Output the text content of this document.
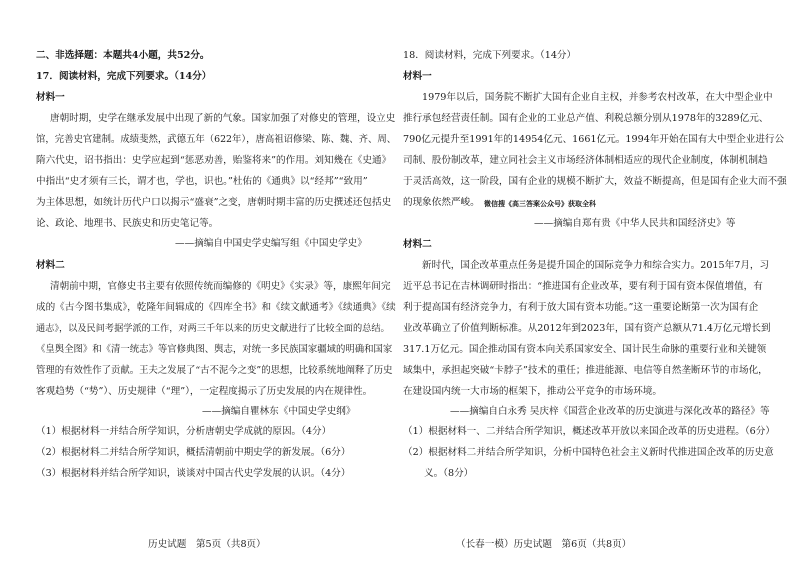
二、非选择题：本题共4小题，共52分。
17．阅读材料，完成下列要求。（14分）
材料一
唐朝时期，史学在继承发展中出现了新的气象。国家加强了对修史的管理，设立史
馆，完善史官建制。成绩斐然，武德五年（622年），唐高祖诏修梁、陈、魏、齐、周、
隋六代史，诏书指出：史学应起到“惩恶劝善，贻鉴将来”的作用。刘知幾在《史通》
中指出“史才须有三长，谓才也，学也，识也。”杜佑的《通典》以“经邦”“致用”
为主体思想，如统计历代户口以揭示“盛衰”之变，唐朝时期丰富的历史撰述还包括史
论、政论、地理书、民族史和历史笔记等。
——摘编自中国史学史编写组《中国史学史》
材料二
清朝前中期，官修史书主要有依照传统而编修的《明史》《实录》等，康熙年间完
成的《古今图书集成》，乾隆年间辑成的《四库全书》和《续文献通考》《续通典》《续
通志》，以及民间考据学派的工作，对两三千年以来的历史文献进行了比较全面的总结。
《皇舆全图》和《清一统志》等官修典图、舆志，对统一多民族国家疆域的明确和国家
管理的有效性作了贡献。王夫之发展了“古不泥今之变”的思想，比较系统地阐释了历史
客观趋势（“势”）、历史规律（“理”），一定程度揭示了历史发展的内在规律性。
——摘编自瞿林东《中国史学史纲》
（1）根据材料一并结合所学知识，分析唐朝史学成就的原因。（4分）
（2）根据材料二并结合所学知识，概括清朝前中期史学的新发展。（6分）
（3）根据材料并结合所学知识，谈谈对中国古代史学发展的认识。（4分）
历史试题　第5页（共8页）
18．阅读材料，完成下列要求。（14分）
材料一
1979年以后，国务院不断扩大国有企业自主权，并参考农村改革，在大中型企业中
推行承包经营责任制。国有企业的工业总产值、利税总额分别从1978年的3289亿元、
790亿元提升至1991年的14954亿元、1661亿元。1994年开始在国有大中型企业进行公
司制、股份制改革，建立同社会主义市场经济体制相适应的现代企业制度，体制机制趋
于灵活高效，这一阶段，国有企业的规模不断扩大，效益不断提高，但是国有企业大而不强
的现象依然严峻。 微信搜《高三答案公众号》获取全科
——摘编自郑有贵《中华人民共和国经济史》等
材料二
新时代，国企改革重点任务是提升国企的国际竞争力和综合实力。2015年7月，习
近平总书记在吉林调研时指出：“推进国有企业改革，要有利于国有资本保值增值，有
利于提高国有经济竞争力，有利于放大国有资本功能。”这一重要论断第一次为国有企
业改革确立了价值判断标准。从2012年到2023年，国有资产总额从71.4万亿元增长到
317.1万亿元。国企推动国有资本向关系国家安全、国计民生命脉的重要行业和关键领
域集中，承担起突破“卡脖子”技术的重任；推进能源、电信等自然垄断环节的市场化，
在建设国内统一大市场的框架下，推动公平竞争的市场环境。
——摘编自白永秀 吴庆梓《国营企业改革的历史演进与深化改革的路径》等
（1）根据材料一、二并结合所学知识，概述改革开放以来国企改革的历史进程。（6分）
（2）根据材料二并结合所学知识，分析中国特色社会主义新时代推进国企改革的历史意
义。（8分）
（长春一模）历史试题　第6页（共8页）
